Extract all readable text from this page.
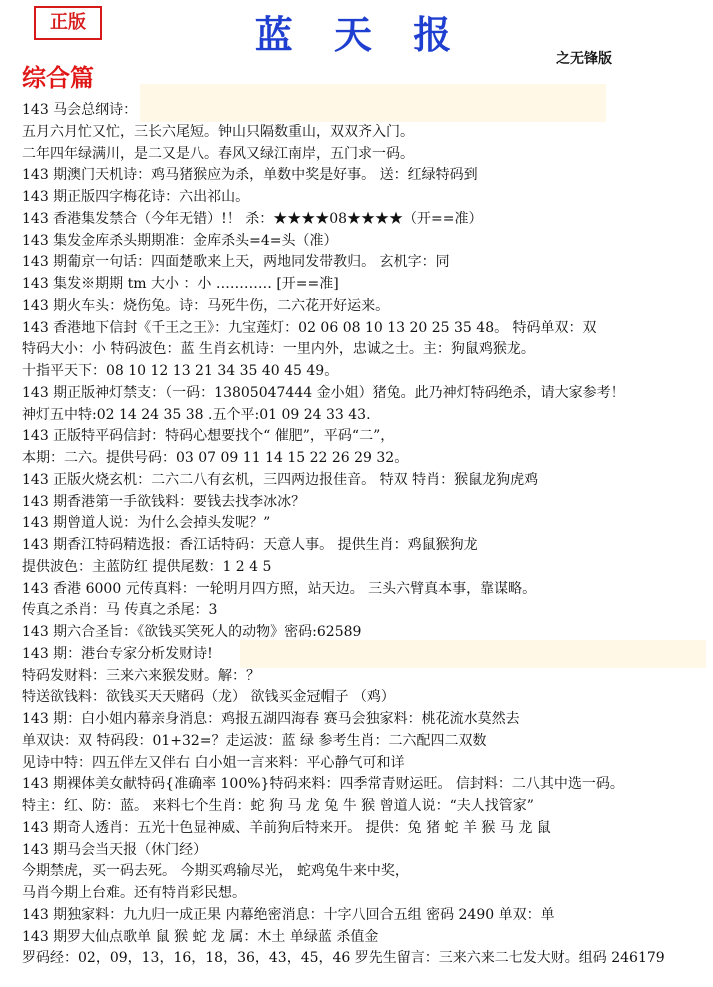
正版	蓝 天 报
之无锋版
综合篇
143 马会总纲诗：
五月六月忙又忙，三长六尾短。钟山只隔数重山，双双齐入门。
二年四年绿满川，是二又是八。春风又绿江南岸，五门求一码。
143 期澳门天机诗：鸡马猪猴应为杀，单数中奖是好事。 送：红绿特码到
143 期正版四字梅花诗：六出祁山。
143 香港集发禁合（今年无错）!！ 杀：★★★★08★★★★（开==准）
143 集发金库杀头期期准：金库杀头=4=头（准）
143 期葡京一句话：四面楚歌来上天，两地同发带教归。 玄机字：同
143 集发※期期 tm 大小 ：小 ………… [开==准]
143 期火车头：烧伤兔。诗：马死牛伤，二六花开好运来。
143 香港地下信封《千王之王》：九宝莲灯：02 06 08 10 13 20 25 35 48。 特码单双：双
特码大小：小 特码波色：蓝 生肖玄机诗：一里内外，忠诚之士。主：狗鼠鸡猴龙。
十指平天下：08 10 12 13 21 34 35 40 45 49。
143 期正版神灯禁支：（一码：13805047444 金小姐）猪兔。此乃神灯特码绝杀，请大家参考！
神灯五中特:02 14 24 35 38 .五个平:01 09 24 33 43.
143 正版特平码信封：特码心想要找个“ 催肥”，平码“二”，
本期：二六。提供号码：03 07 09 11 14 15 22 26 29 32。
143 正版火烧玄机：二六二八有玄机，三四两边报佳音。 特双 特肖：猴鼠龙狗虎鸡
143 期香港第一手欲钱料：要钱去找李冰冰？
143 期曾道人说：为什么会掉头发呢？”
143 期香江特码精选报：香江话特码：天意人事。 提供生肖：鸡鼠猴狗龙
提供波色：主蓝防红 提供尾数：1 2 4 5
143 香港 6000 元传真料：一轮明月四方照，站天边。 三头六臂真本事，靠谋略。
传真之杀肖：马 传真之杀尾：3
143 期六合圣旨：《欲钱买笑死人的动物》密码:62589
143 期：港台专家分析发财诗!
特码发财料：三来六来猴发财。解：？
特送欲钱料：欲钱买天天赌码（龙） 欲钱买金冠帽子 （鸡）
143 期：白小姐内幕亲身消息：鸡报五湖四海春 赛马会独家料：桃花流水莫然去
单双诀：双 特码段：01+32=？走运波：蓝 绿 参考生肖：二六配四二双数
见诗中特：四五伴左又伴右 白小姐一言来料：平心静气可和详
143 期裸体美女献特码{准确率 100%}特码来料：四季常青财运旺。 信封料：二八其中选一码。
特主：红、防：蓝。 来料七个生肖：蛇 狗 马 龙 兔 牛 猴 曾道人说：“夫人找管家”
143 期奇人透肖：五光十色显神威、羊前狗后特来开。 提供：兔 猪 蛇 羊 猴 马 龙 鼠
143 期马会当天报（休门经）
今期禁虎，买一码去死。 今期买鸡输尽光， 蛇鸡兔牛来中奖，
马肖今期上台难。还有特肖彩民想。
143 期独家料：九九归一成正果 内幕绝密消息：十字八回合五组 密码 2490 单双：单
143 期罗大仙点歌单 鼠 猴 蛇 龙 属：木土 单绿蓝 杀值金
罗码经：02，09，13，16，18，36，43，45，46 罗先生留言：三来六来二七发大财。组码 246179
